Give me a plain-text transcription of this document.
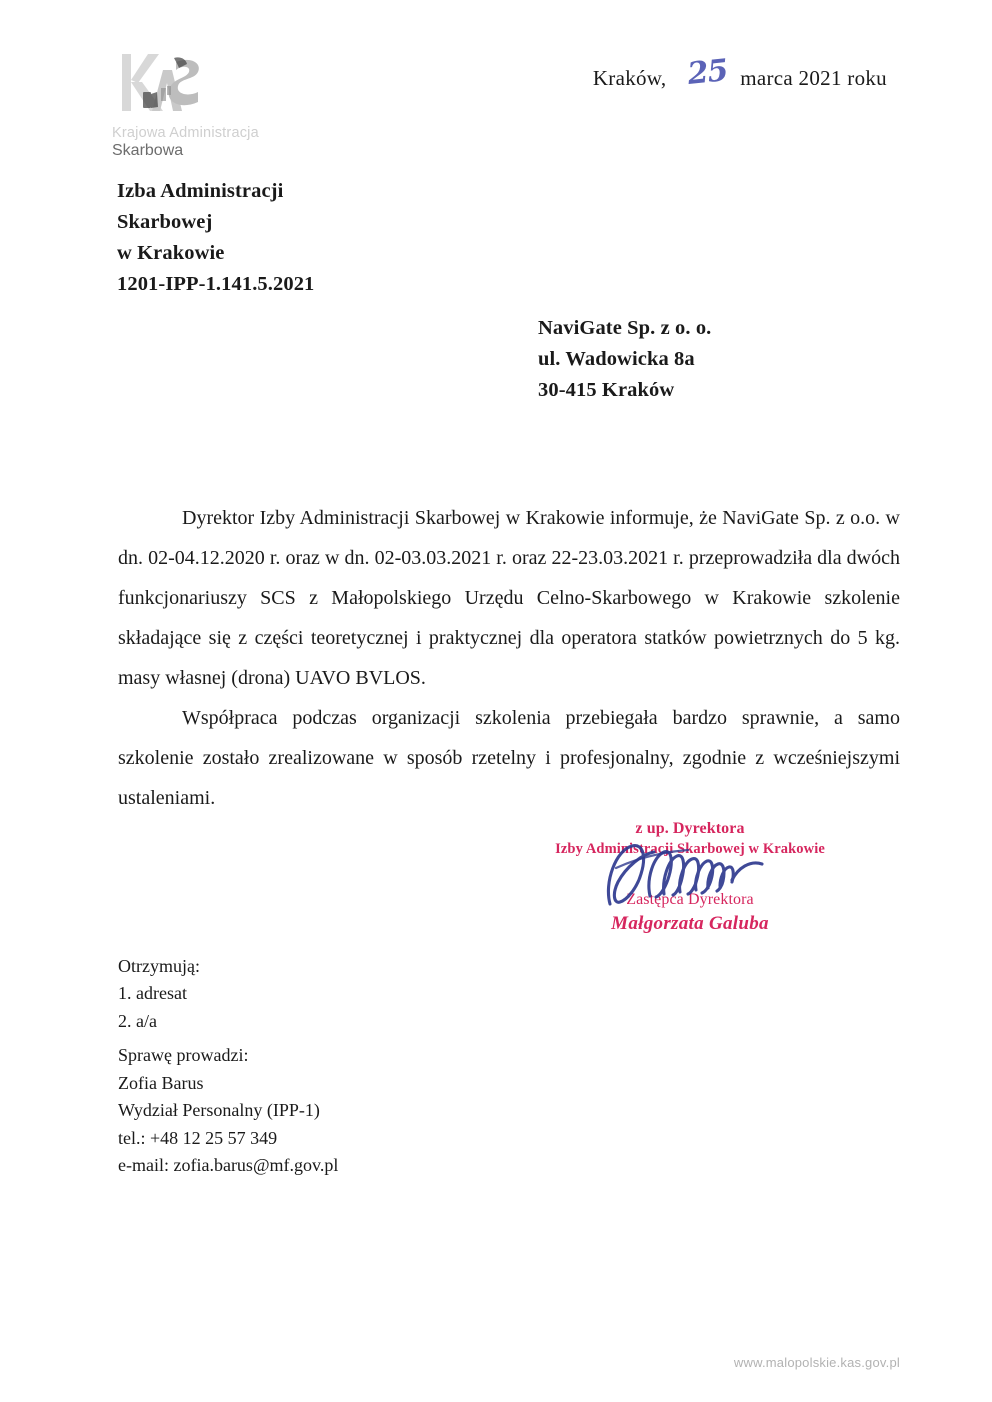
Krajowa Administracja
Skarbowa
Kraków, 25 marca 2021 roku
Izba Administracji
Skarbowej
w Krakowie
1201-IPP-1.141.5.2021
NaviGate Sp. z o. o.
ul. Wadowicka 8a
30-415 Kraków

Dyrektor Izby Administracji Skarbowej w Krakowie informuje, że NaviGate Sp. z o.o. w dn. 02-04.12.2020 r. oraz w dn. 02-03.03.2021 r. oraz 22-23.03.2021 r. przeprowadziła dla dwóch funkcjonariuszy SCS z Małopolskiego Urzędu Celno-Skarbowego w Krakowie szkolenie składające się z części teoretycznej i praktycznej dla operatora statków powietrznych do 5 kg. masy własnej (drona) UAVO BVLOS.

Współpraca podczas organizacji szkolenia przebiegała bardzo sprawnie, a samo szkolenie zostało zrealizowane w sposób rzetelny i profesjonalny, zgodnie z wcześniejszymi ustaleniami.

z up. Dyrektora
Izby Administracji Skarbowej w Krakowie
Zastępca Dyrektora
Małgorzata Galuba
Otrzymują:
1. adresat
2. a/a
Sprawę prowadzi:
Zofia Barus
Wydział Personalny (IPP-1)
tel.: +48 12 25 57 349
e-mail: zofia.barus@mf.gov.pl
www.malopolskie.kas.gov.pl
